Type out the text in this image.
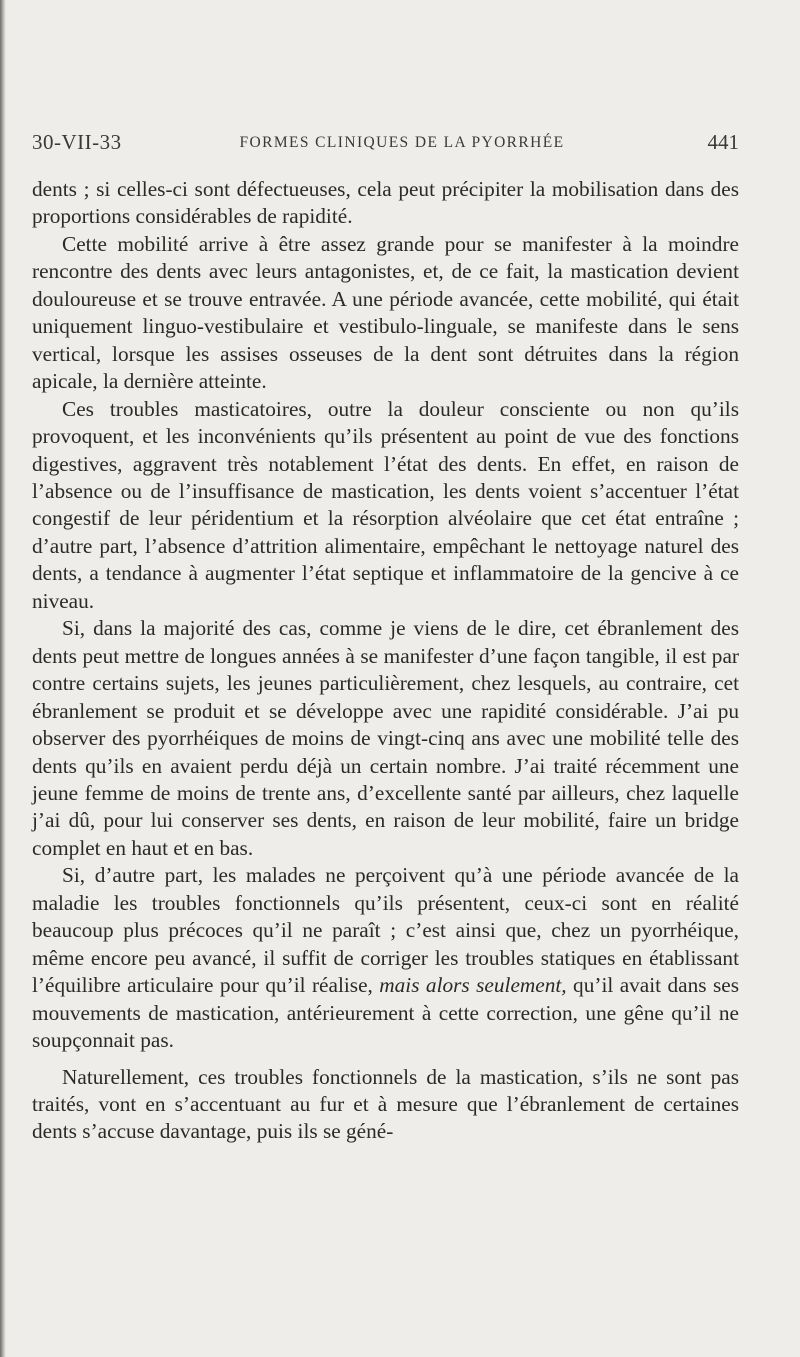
30-VII-33	FORMES CLINIQUES DE LA PYORRHÉE	441

dents ; si celles-ci sont défectueuses, cela peut précipiter la mobilisation dans des proportions considérables de rapidité.

Cette mobilité arrive à être assez grande pour se manifester à la moindre rencontre des dents avec leurs antagonistes, et, de ce fait, la mastication devient douloureuse et se trouve entravée. A une période avancée, cette mobilité, qui était uniquement linguo-vestibulaire et vestibulo-linguale, se manifeste dans le sens vertical, lorsque les assises osseuses de la dent sont détruites dans la région apicale, la dernière atteinte.

Ces troubles masticatoires, outre la douleur consciente ou non qu’ils provoquent, et les inconvénients qu’ils présentent au point de vue des fonctions digestives, aggravent très notablement l’état des dents. En effet, en raison de l’absence ou de l’insuffisance de mastication, les dents voient s’accentuer l’état congestif de leur péridentium et la résorption alvéolaire que cet état entraîne ; d’autre part, l’absence d’attrition alimentaire, empêchant le nettoyage naturel des dents, a tendance à augmenter l’état septique et inflammatoire de la gencive à ce niveau.

Si, dans la majorité des cas, comme je viens de le dire, cet ébranlement des dents peut mettre de longues années à se manifester d’une façon tangible, il est par contre certains sujets, les jeunes particulièrement, chez lesquels, au contraire, cet ébranlement se produit et se développe avec une rapidité considérable. J’ai pu observer des pyorrhéiques de moins de vingt-cinq ans avec une mobilité telle des dents qu’ils en avaient perdu déjà un certain nombre. J’ai traité récemment une jeune femme de moins de trente ans, d’excellente santé par ailleurs, chez laquelle j’ai dû, pour lui conserver ses dents, en raison de leur mobilité, faire un bridge complet en haut et en bas.

Si, d’autre part, les malades ne perçoivent qu’à une période avancée de la maladie les troubles fonctionnels qu’ils présentent, ceux-ci sont en réalité beaucoup plus précoces qu’il ne paraît ; c’est ainsi que, chez un pyorrhéique, même encore peu avancé, il suffit de corriger les troubles statiques en établissant l’équilibre articulaire pour qu’il réalise, mais alors seulement, qu’il avait dans ses mouvements de mastication, antérieurement à cette correction, une gêne qu’il ne soupçonnait pas.

Naturellement, ces troubles fonctionnels de la mastication, s’ils ne sont pas traités, vont en s’accentuant au fur et à mesure que l’ébranlement de certaines dents s’accuse davantage, puis ils se géné-
